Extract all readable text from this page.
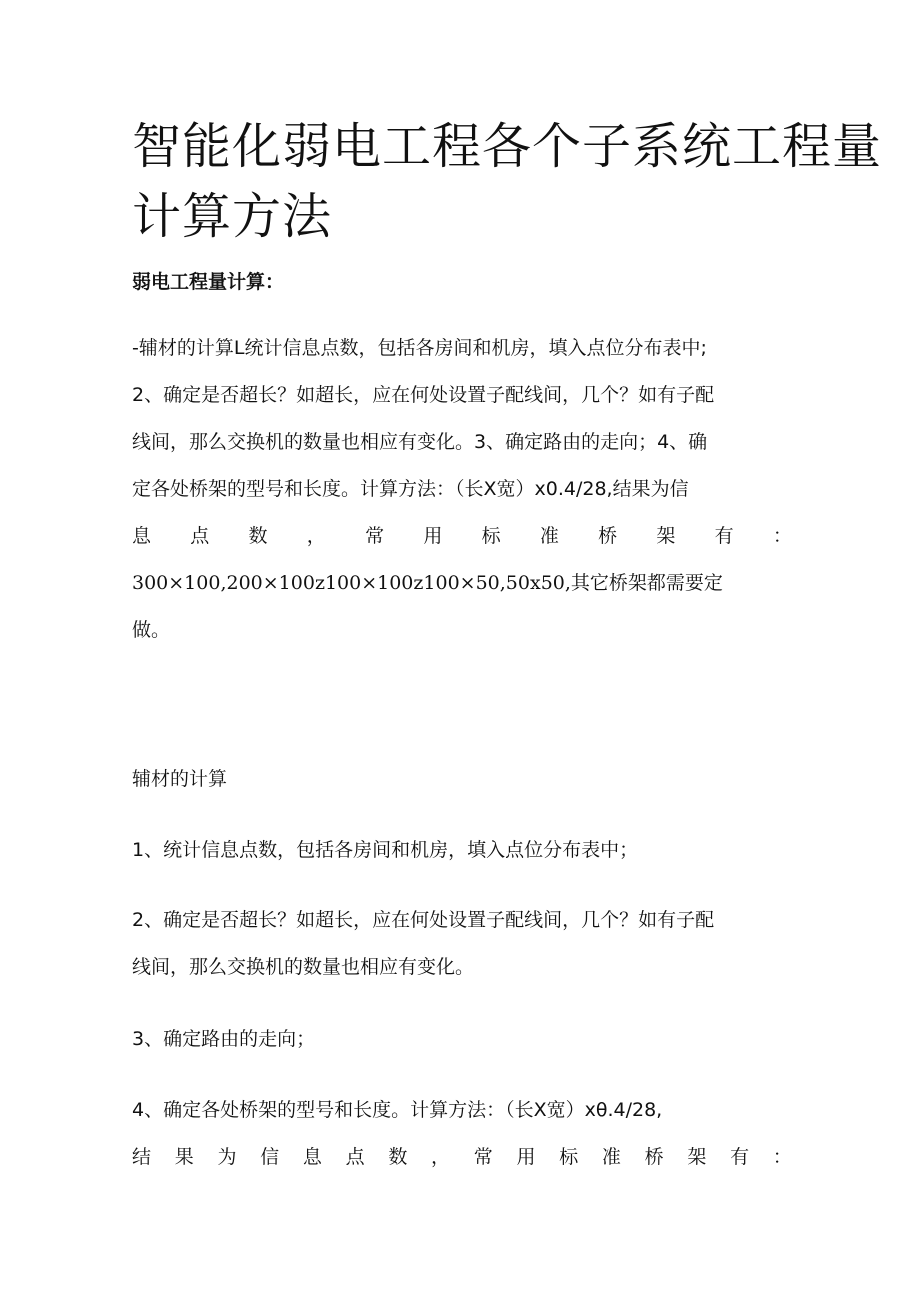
智能化弱电工程各个子系统工程量
计算方法

弱电工程量计算：

-辅材的计算L统计信息点数，包括各房间和机房，填入点位分布表中;
2、确定是否超长？如超长，应在何处设置子配线间，几个？如有子配
线间，那么交换机的数量也相应有变化。3、确定路由的走向；4、确
定各处桥架的型号和长度。计算方法：（长X宽）x0.4/28,结果为信
息 点 数 ， 常 用 标 准 桥 架 有 ：
300×100,200×100z100×100z100×50,50x50,其它桥架都需要定
做。

辅材的计算

1、统计信息点数，包括各房间和机房，填入点位分布表中；

2、确定是否超长？如超长，应在何处设置子配线间，几个？如有子配
线间，那么交换机的数量也相应有变化。

3、确定路由的走向；

4、确定各处桥架的型号和长度。计算方法：（长X宽）xθ.4/28,
结 果 为 信 息 点 数 ， 常 用 标 准 桥 架 有 ：
